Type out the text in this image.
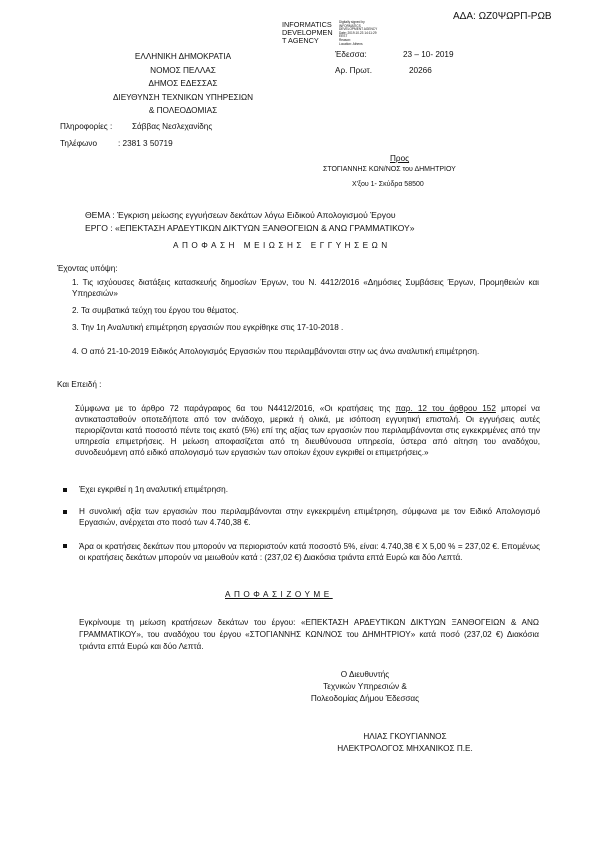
ΑΔΑ: ΩΖ0ΨΩΡΠ-ΡΩΒ
INFORMATICS
DEVELOPMEN
T AGENCY
Digitally signed by
INFORMATICS
DEVELOPMENT AGENCY
Date: 2019.10.23 14:11:29
EEST
Reason:
Location: Athens
ΕΛΛΗΝΙΚΗ ΔΗΜΟΚΡΑΤΙΑ
ΝΟΜΟΣ ΠΕΛΛΑΣ
ΔΗΜΟΣ ΕΔΕΣΣΑΣ
ΔΙΕΥΘΥΝΣΗ ΤΕΧΝΙΚΩΝ ΥΠΗΡΕΣΙΩΝ
& ΠΟΛΕΟΔΟΜΙΑΣ
Πληροφορίες : Σάββας Νεσλεχανίδης
Τηλέφωνο	: 2381 3 50719
Έδεσσα:	23 – 10- 2019
Αρ. Πρωτ.	20266
Προς
ΣΤΟΓΙΑΝΝΗΣ ΚΩΝ/ΝΟΣ του ΔΗΜΗΤΡΙΟΥ
Χ'ξου 1- Σκύδρα 58500
ΘΕΜΑ : Έγκριση μείωσης εγγυήσεων δεκάτων λόγω Ειδικού Απολογισμού Έργου
ΕΡΓΟ : «ΕΠΕΚΤΑΣΗ ΑΡΔΕΥΤΙΚΩΝ ΔΙΚΤΥΩΝ ΞΑΝΘΟΓΕΙΩΝ & ΑΝΩ ΓΡΑΜΜΑΤΙΚΟΥ»
ΑΠΟΦΑΣΗ ΜΕΙΩΣΗΣ ΕΓΓΥΗΣΕΩΝ
Έχοντας υπόψη:
1. Τις ισχύουσες διατάξεις κατασκευής δημοσίων Έργων, του Ν. 4412/2016 «Δημόσιες Συμβάσεις Έργων, Προμηθειών και Υπηρεσιών»
2. Τα συμβατικά τεύχη του έργου του θέματος.
3. Την 1η Αναλυτική επιμέτρηση εργασιών που εγκρίθηκε στις 17-10-2018 .
4. Ο από 21-10-2019 Ειδικός Απολογισμός Εργασιών που περιλαμβάνονται στην ως άνω αναλυτική επιμέτρηση.
Και Επειδή :
Σύμφωνα με το άρθρο 72 παράγραφος 6α του Ν4412/2016, «Οι κρατήσεις της παρ. 12 του άρθρου 152 μπορεί να αντικατασταθούν οποτεδήποτε από τον ανάδοχο, μερικά ή ολικά, με ισόποση εγγυητική επιστολή. Οι εγγυήσεις αυτές περιορίζονται κατά ποσοστό πέντε τοις εκατό (5%) επί της αξίας των εργασιών που περιλαμβάνονται στις εγκεκριμένες από την υπηρεσία επιμετρήσεις. Η μείωση αποφασίζεται από τη διευθύνουσα υπηρεσία, ύστερα από αίτηση του αναδόχου, συνοδευόμενη από ειδικό απολογισμό των εργασιών των οποίων έχουν εγκριθεί οι επιμετρήσεις.»
Έχει εγκριθεί η 1η αναλυτική επιμέτρηση.
Η συνολική αξία των εργασιών που περιλαμβάνονται στην εγκεκριμένη επιμέτρηση, σύμφωνα με τον Ειδικό Απολογισμό Εργασιών, ανέρχεται στο ποσό των 4.740,38 €.
Άρα οι κρατήσεις δεκάτων που μπορούν να περιοριστούν κατά ποσοστό 5%, είναι: 4.740,38 € Χ 5,00 % = 237,02 €. Επομένως οι κρατήσεις δεκάτων μπορούν να μειωθούν κατά : (237,02 €) Διακόσια τριάντα επτά Ευρώ και δύο Λεπτά.
ΑΠΟΦΑΣΙΖΟΥΜΕ
Εγκρίνουμε τη μείωση κρατήσεων δεκάτων του έργου: «ΕΠΕΚΤΑΣΗ ΑΡΔΕΥΤΙΚΩΝ ΔΙΚΤΥΩΝ ΞΑΝΘΟΓΕΙΩΝ & ΑΝΩ ΓΡΑΜΜΑΤΙΚΟΥ», του αναδόχου του έργου «ΣΤΟΓΙΑΝΝΗΣ ΚΩΝ/ΝΟΣ του ΔΗΜΗΤΡΙΟΥ» κατά ποσό (237,02 €) Διακόσια τριάντα επτά Ευρώ και δύο Λεπτά.
Ο Διευθυντής
Τεχνικών Υπηρεσιών &
Πολεοδομίας Δήμου Έδεσσας
ΗΛΙΑΣ ΓΚΟΥΓΙΑΝΝΟΣ
ΗΛΕΚΤΡΟΛΟΓΟΣ ΜΗΧΑΝΙΚΟΣ Π.Ε.
